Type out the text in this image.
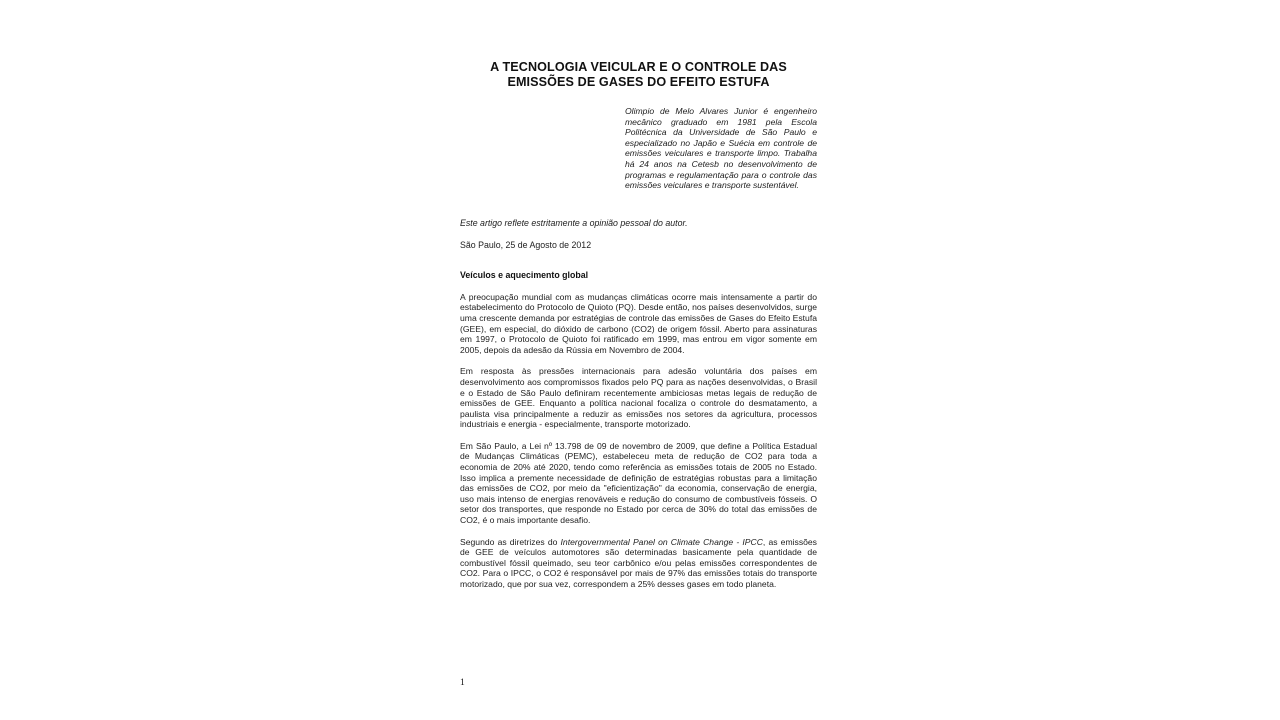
A TECNOLOGIA VEICULAR E O CONTROLE DAS
EMISSÕES DE GASES DO EFEITO ESTUFA

Olimpio de Melo Alvares Junior é engenheiro mecânico graduado em 1981 pela Escola Politécnica da Universidade de São Paulo e especializado no Japão e Suécia em controle de emissões veiculares e transporte limpo. Trabalha há 24 anos na Cetesb no desenvolvimento de programas e regulamentação para o controle das emissões veiculares e transporte sustentável.

Este artigo reflete estritamente a opinião pessoal do autor.

São Paulo, 25 de Agosto de 2012

Veículos e aquecimento global

A preocupação mundial com as mudanças climáticas ocorre mais intensamente a partir do estabelecimento do Protocolo de Quioto (PQ). Desde então, nos países desenvolvidos, surge uma crescente demanda por estratégias de controle das emissões de Gases do Efeito Estufa (GEE), em especial, do dióxido de carbono (CO2) de origem fóssil. Aberto para assinaturas em 1997, o Protocolo de Quioto foi ratificado em 1999, mas entrou em vigor somente em 2005, depois da adesão da Rússia em Novembro de 2004.

Em resposta às pressões internacionais para adesão voluntária dos países em desenvolvimento aos compromissos fixados pelo PQ para as nações desenvolvidas, o Brasil e o Estado de São Paulo definiram recentemente ambiciosas metas legais de redução de emissões de GEE. Enquanto a política nacional focaliza o controle do desmatamento, a paulista visa principalmente a reduzir as emissões nos setores da agricultura, processos industriais e energia - especialmente, transporte motorizado.

Em São Paulo, a Lei nº 13.798 de 09 de novembro de 2009, que define a Política Estadual de Mudanças Climáticas (PEMC), estabeleceu meta de redução de CO2 para toda a economia de 20% até 2020, tendo como referência as emissões totais de 2005 no Estado. Isso implica a premente necessidade de definição de estratégias robustas para a limitação das emissões de CO2, por meio da "eficientização" da economia, conservação de energia, uso mais intenso de energias renováveis e redução do consumo de combustíveis fósseis. O setor dos transportes, que responde no Estado por cerca de 30% do total das emissões de CO2, é o mais importante desafio.

Segundo as diretrizes do Intergovernmental Panel on Climate Change - IPCC, as emissões de GEE de veículos automotores são determinadas basicamente pela quantidade de combustível fóssil queimado, seu teor carbônico e/ou pelas emissões correspondentes de CO2. Para o IPCC, o CO2 é responsável por mais de 97% das emissões totais do transporte motorizado, que por sua vez, correspondem a 25% desses gases em todo planeta.

1
